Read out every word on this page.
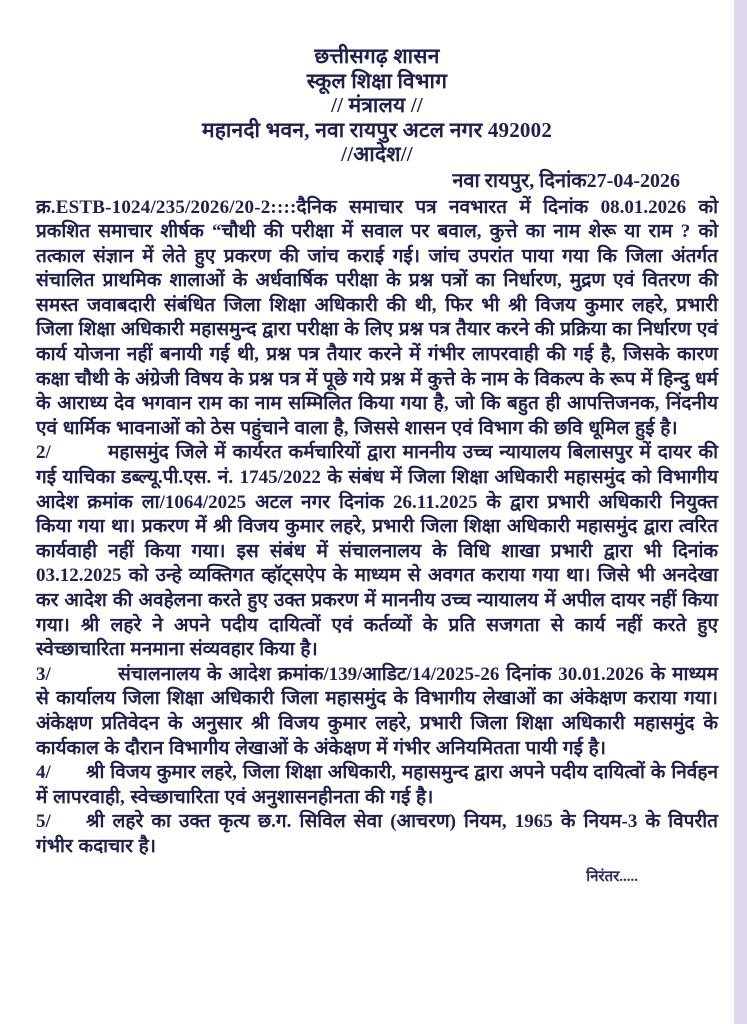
छत्तीसगढ़ शासन
स्कूल शिक्षा विभाग
// मंत्रालय //
महानदी भवन, नवा रायपुर अटल नगर 492002
//आदेश//
नवा रायपुर, दिनांक27-04-2026
क्र.ESTB-1024/235/2026/20-2::::दैनिक समाचार पत्र नवभारत में दिनांक 08.01.2026 को प्रकशित समाचार शीर्षक “चौथी की परीक्षा में सवाल पर बवाल, कुत्ते का नाम शेरू या राम ? को तत्काल संज्ञान में लेते हुए प्रकरण की जांच कराई गई। जांच उपरांत पाया गया कि जिला अंतर्गत संचालित प्राथमिक शालाओं के अर्धवार्षिक परीक्षा के प्रश्न पत्रों का निर्धारण, मुद्रण एवं वितरण की समस्त जवाबदारी संबंधित जिला शिक्षा अधिकारी की थी, फिर भी श्री विजय कुमार लहरे, प्रभारी जिला शिक्षा अधिकारी महासमुन्द द्वारा परीक्षा के लिए प्रश्न पत्र तैयार करने की प्रक्रिया का निर्धारण एवं कार्य योजना नहीं बनायी गई थी, प्रश्न पत्र तैयार करने में गंभीर लापरवाही की गई है, जिसके कारण कक्षा चौथी के अंग्रेजी विषय के प्रश्न पत्र में पूछे गये प्रश्न में कुत्ते के नाम के विकल्प के रूप में हिन्दु धर्म के आराध्य देव भगवान राम का नाम सम्मिलित किया गया है, जो कि बहुत ही आपत्तिजनक, निंदनीय एवं धार्मिक भावनाओं को ठेस पहुंचाने वाला है, जिससे शासन एवं विभाग की छवि धूमिल हुई है।
2/	महासमुंद जिले में कार्यरत कर्मचारियों द्वारा माननीय उच्च न्यायालय बिलासपुर में दायर की गई याचिका डब्ल्यू.पी.एस. नं. 1745/2022 के संबंध में जिला शिक्षा अधिकारी महासमुंद को विभागीय आदेश क्रमांक ला/1064/2025 अटल नगर दिनांक 26.11.2025 के द्वारा प्रभारी अधिकारी नियुक्त किया गया था। प्रकरण में श्री विजय कुमार लहरे, प्रभारी जिला शिक्षा अधिकारी महासमुंद द्वारा त्वरित कार्यवाही नहीं किया गया। इस संबंध में संचालनालय के विधि शाखा प्रभारी द्वारा भी दिनांक 03.12.2025 को उन्हे व्यक्तिगत व्हॉट्सऐप के माध्यम से अवगत कराया गया था। जिसे भी अनदेखा कर आदेश की अवहेलना करते हुए उक्त प्रकरण में माननीय उच्च न्यायालय में अपील दायर नहीं किया गया। श्री लहरे ने अपने पदीय दायित्वों एवं कर्तव्यों के प्रति सजगता से कार्य नहीं करते हुए स्वेच्छाचारिता मनमाना संव्यवहार किया है।
3/	संचालनालय के आदेश क्रमांक/139/आडिट/14/2025-26 दिनांक 30.01.2026 के माध्यम से कार्यालय जिला शिक्षा अधिकारी जिला महासमुंद के विभागीय लेखाओं का अंकेक्षण कराया गया। अंकेक्षण प्रतिवेदन के अनुसार श्री विजय कुमार लहरे, प्रभारी जिला शिक्षा अधिकारी महासमुंद के कार्यकाल के दौरान विभागीय लेखाओं के अंकेक्षण में गंभीर अनियमितता पायी गई है।
4/ श्री विजय कुमार लहरे, जिला शिक्षा अधिकारी, महासमुन्द द्वारा अपने पदीय दायित्वों के निर्वहन में लापरवाही, स्वेच्छाचारिता एवं अनुशासनहीनता की गई है।
5/ श्री लहरे का उक्त कृत्य छ.ग. सिविल सेवा (आचरण) नियम, 1965 के नियम-3 के विपरीत गंभीर कदाचार है।
निरंतर.....
